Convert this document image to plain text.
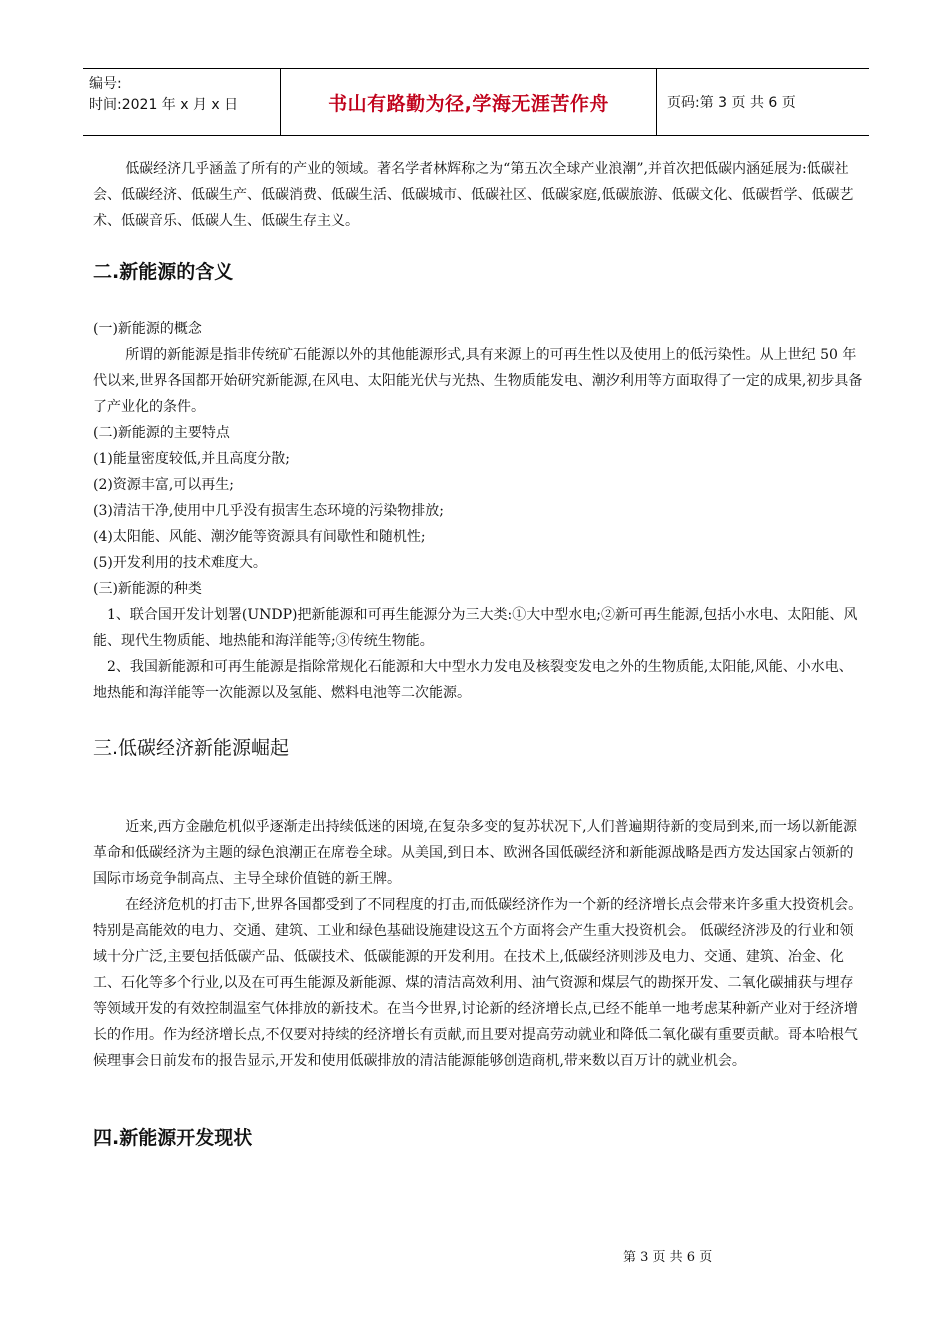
编号:
时间:2021 年 x 月 x 日	书山有路勤为径,学海无涯苦作舟	页码:第 3 页 共 6 页

低碳经济几乎涵盖了所有的产业的领域。著名学者林辉称之为“第五次全球产业浪潮”,并首次把低碳内涵延展为:低碳社会、低碳经济、低碳生产、低碳消费、低碳生活、低碳城市、低碳社区、低碳家庭,低碳旅游、低碳文化、低碳哲学、低碳艺术、低碳音乐、低碳人生、低碳生存主义。

二.新能源的含义

(一)新能源的概念

所谓的新能源是指非传统矿石能源以外的其他能源形式,具有来源上的可再生性以及使用上的低污染性。从上世纪 50 年代以来,世界各国都开始研究新能源,在风电、太阳能光伏与光热、生物质能发电、潮汐利用等方面取得了一定的成果,初步具备了产业化的条件。

(二)新能源的主要特点

(1)能量密度较低,并且高度分散;

(2)资源丰富,可以再生;

(3)清洁干净,使用中几乎没有损害生态环境的污染物排放;

(4)太阳能、风能、潮汐能等资源具有间歇性和随机性;

(5)开发利用的技术难度大。

(三)新能源的种类

1、联合国开发计划署(UNDP)把新能源和可再生能源分为三大类:①大中型水电;②新可再生能源,包括小水电、太阳能、风能、现代生物质能、地热能和海洋能等;③传统生物能。

2、我国新能源和可再生能源是指除常规化石能源和大中型水力发电及核裂变发电之外的生物质能,太阳能,风能、小水电、地热能和海洋能等一次能源以及氢能、燃料电池等二次能源。

三.低碳经济新能源崛起

近来,西方金融危机似乎逐渐走出持续低迷的困境,在复杂多变的复苏状况下,人们普遍期待新的变局到来,而一场以新能源革命和低碳经济为主题的绿色浪潮正在席卷全球。从美国,到日本、欧洲各国低碳经济和新能源战略是西方发达国家占领新的国际市场竞争制高点、主导全球价值链的新王牌。

在经济危机的打击下,世界各国都受到了不同程度的打击,而低碳经济作为一个新的经济增长点会带来许多重大投资机会。特别是高能效的电力、交通、建筑、工业和绿色基础设施建设这五个方面将会产生重大投资机会。 低碳经济涉及的行业和领域十分广泛,主要包括低碳产品、低碳技术、低碳能源的开发利用。在技术上,低碳经济则涉及电力、交通、建筑、冶金、化工、石化等多个行业,以及在可再生能源及新能源、煤的清洁高效利用、油气资源和煤层气的勘探开发、二氧化碳捕获与埋存等领域开发的有效控制温室气体排放的新技术。在当今世界,讨论新的经济增长点,已经不能单一地考虑某种新产业对于经济增长的作用。作为经济增长点,不仅要对持续的经济增长有贡献,而且要对提高劳动就业和降低二氧化碳有重要贡献。哥本哈根气候理事会日前发布的报告显示,开发和使用低碳排放的清洁能源能够创造商机,带来数以百万计的就业机会。

四.新能源开发现状

第 3 页 共 6 页
